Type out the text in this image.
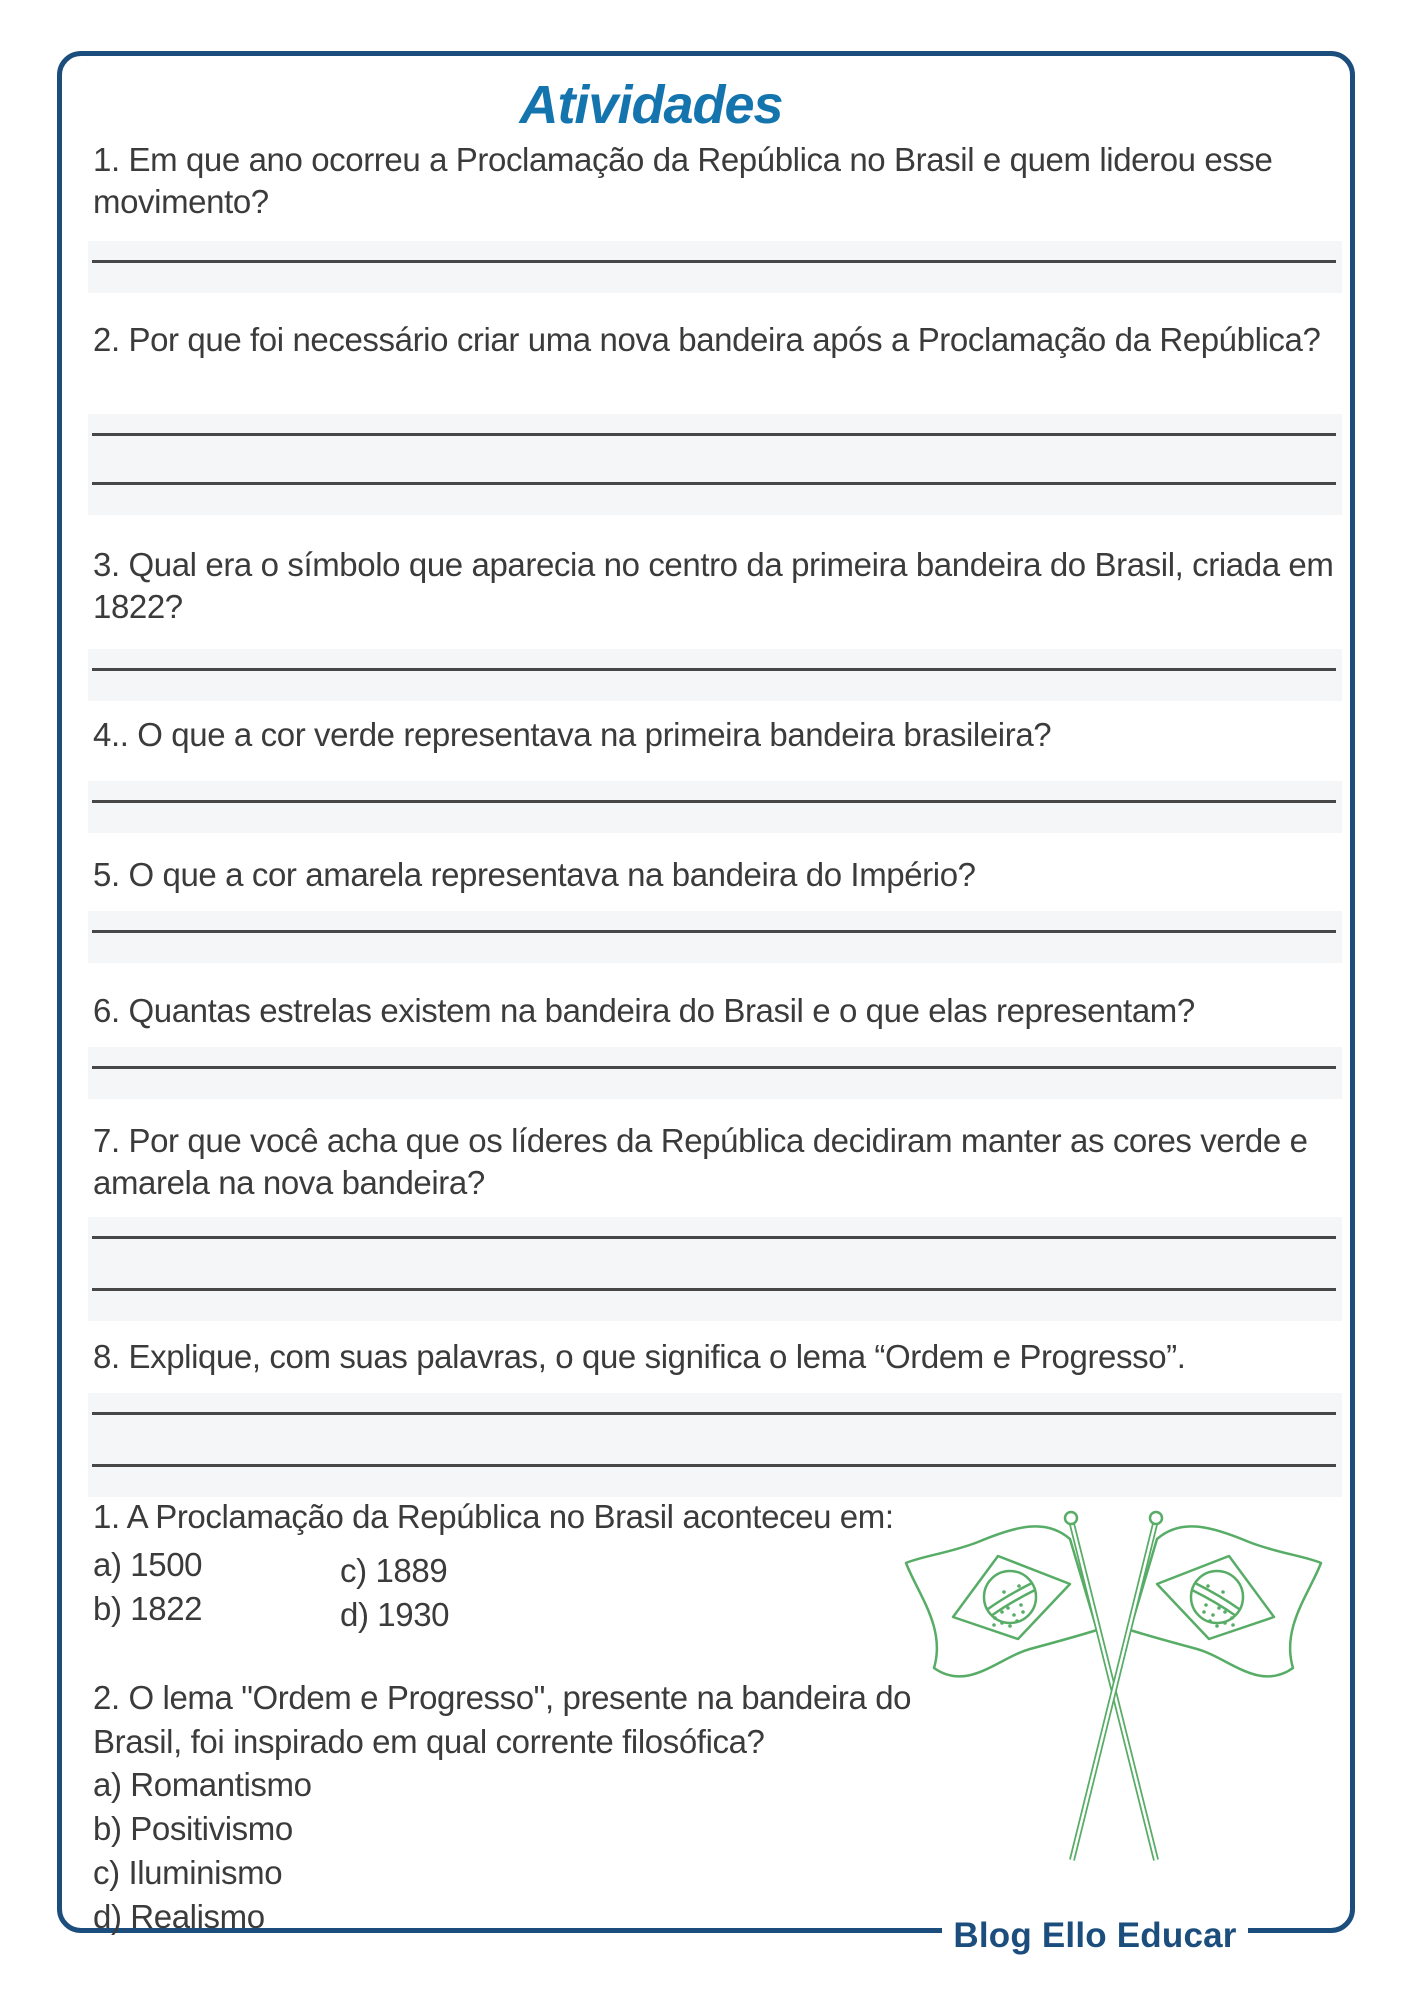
Atividades

1. Em que ano ocorreu a Proclamação da República no Brasil e quem liderou esse movimento?

2. Por que foi necessário criar uma nova bandeira após a Proclamação da República?

3. Qual era o símbolo que aparecia no centro da primeira bandeira do Brasil, criada em 1822?

4.. O que a cor verde representava na primeira bandeira brasileira?

5. O que a cor amarela representava na bandeira do Império?

6. Quantas estrelas existem na bandeira do Brasil e o que elas representam?

7. Por que você acha que os líderes da República decidiram manter as cores verde e amarela na nova bandeira?

8. Explique, com suas palavras, o que significa o lema “Ordem e Progresso”.

1. A Proclamação da República no Brasil aconteceu em:

a) 1500	c) 1889

b) 1822	d) 1930

2. O lema "Ordem e Progresso", presente na bandeira do Brasil, foi inspirado em qual corrente filosófica?

a) Romantismo

b) Positivismo

c) Iluminismo

d) Realismo	Blog Ello Educar
